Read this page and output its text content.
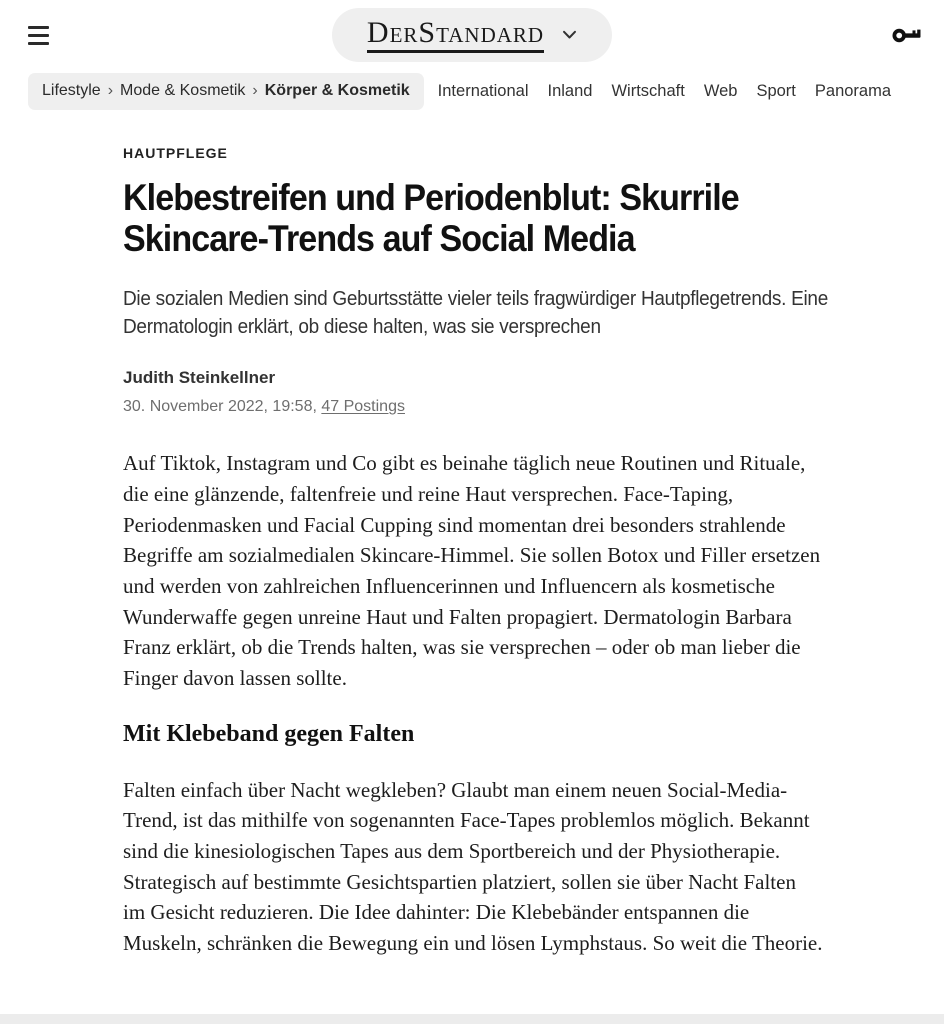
DerStandard
Lifestyle › Mode & Kosmetik › Körper & Kosmetik International Inland Wirtschaft Web Sport Panorama
HAUTPFLEGE
Klebestreifen und Periodenblut: Skurrile Skincare-Trends auf Social Media

Die sozialen Medien sind Geburtsstätte vieler teils fragwürdiger Hautpflegetrends. Eine Dermatologin erklärt, ob diese halten, was sie versprechen

Judith Steinkellner
30. November 2022, 19:58, 47 Postings

Auf Tiktok, Instagram und Co gibt es beinahe täglich neue Routinen und Rituale, die eine glänzende, faltenfreie und reine Haut versprechen. Face-Taping, Periodenmasken und Facial Cupping sind momentan drei besonders strahlende Begriffe am sozialmedialen Skincare-Himmel. Sie sollen Botox und Filler ersetzen und werden von zahlreichen Influencerinnen und Influencern als kosmetische Wunderwaffe gegen unreine Haut und Falten propagiert. Dermatologin Barbara Franz erklärt, ob die Trends halten, was sie versprechen – oder ob man lieber die Finger davon lassen sollte.

Mit Klebeband gegen Falten

Falten einfach über Nacht wegkleben? Glaubt man einem neuen Social-Media-Trend, ist das mithilfe von sogenannten Face-Tapes problemlos möglich. Bekannt sind die kinesiologischen Tapes aus dem Sportbereich und der Physiotherapie. Strategisch auf bestimmte Gesichtspartien platziert, sollen sie über Nacht Falten im Gesicht reduzieren. Die Idee dahinter: Die Klebebänder entspannen die Muskeln, schränken die Bewegung ein und lösen Lymphstaus. So weit die Theorie.
